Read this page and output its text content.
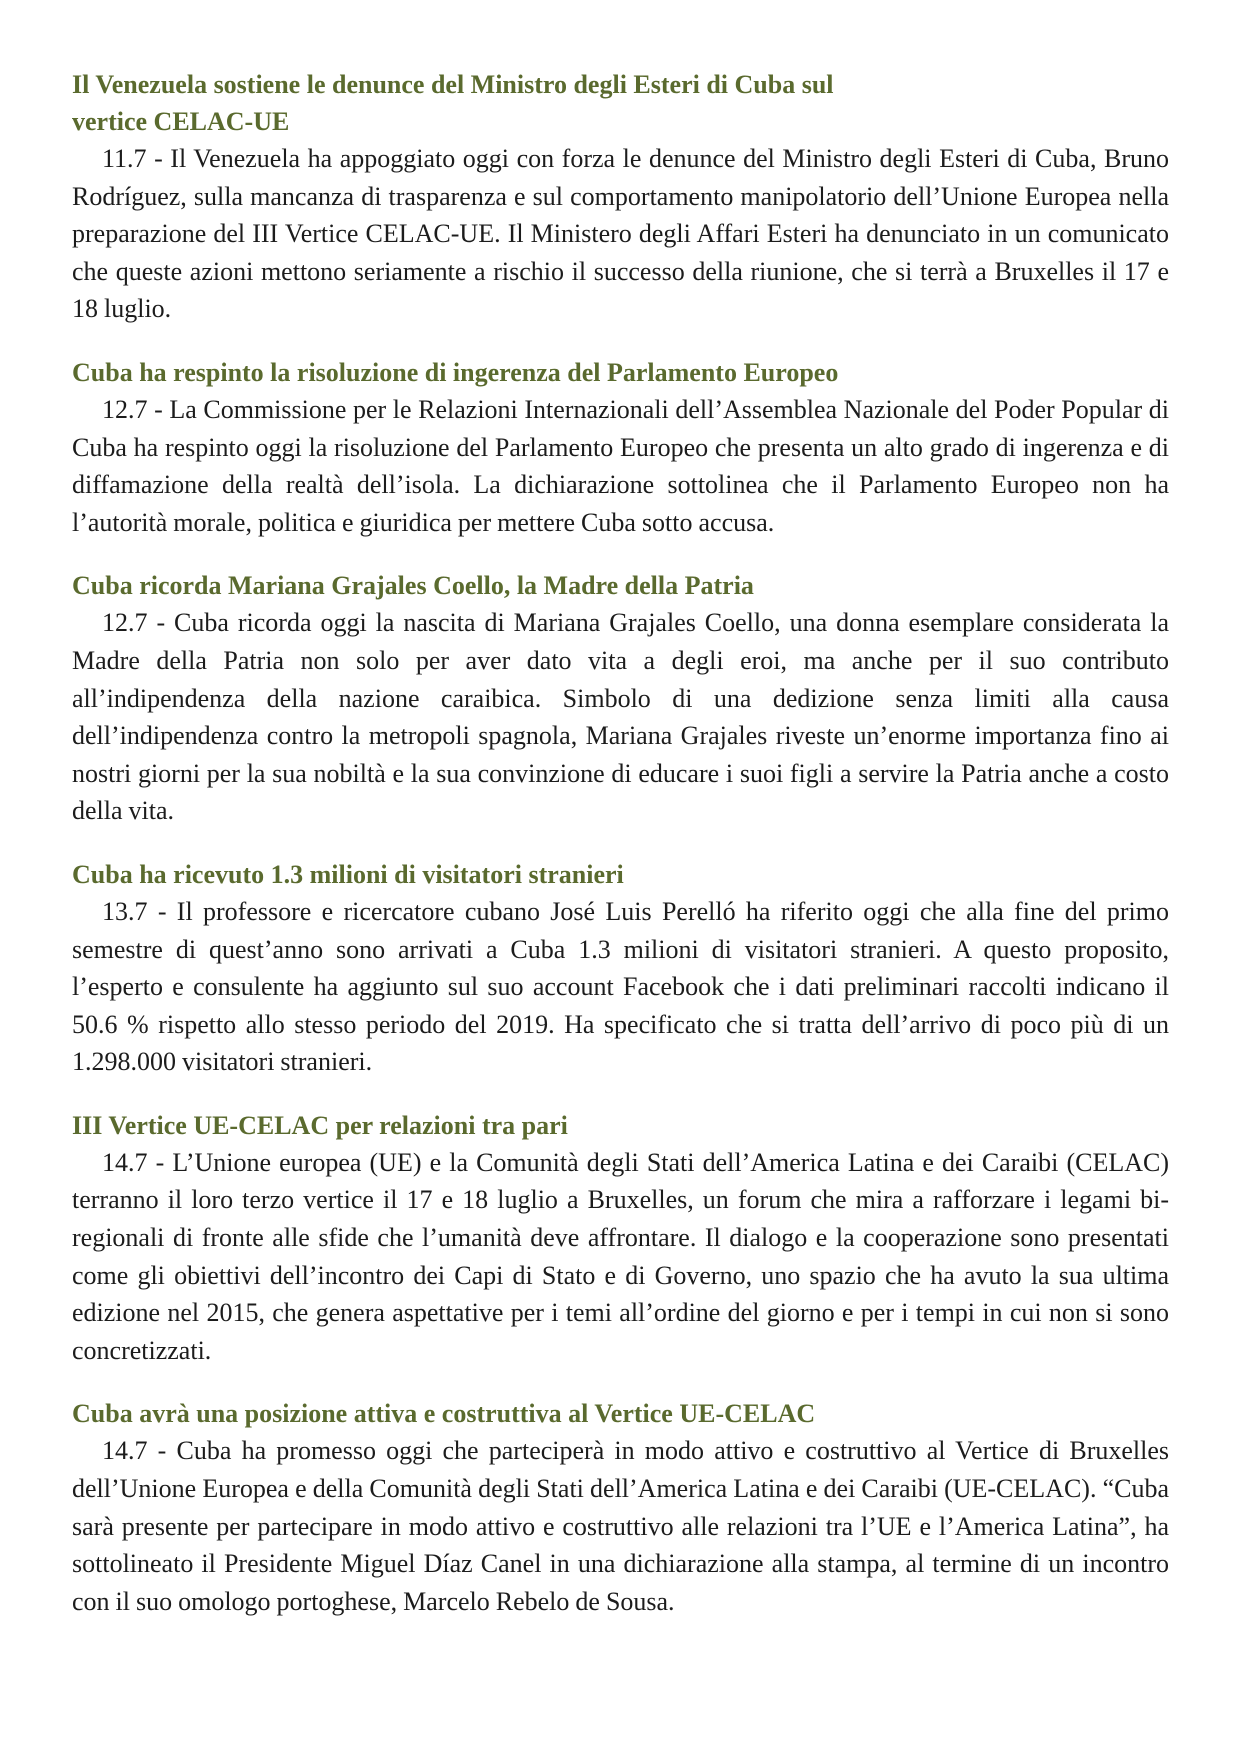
Il Venezuela sostiene le denunce del Ministro degli Esteri di Cuba sul vertice CELAC-UE

11.7 - Il Venezuela ha appoggiato oggi con forza le denunce del Ministro degli Esteri di Cuba, Bruno Rodríguez, sulla mancanza di trasparenza e sul comportamento manipolatorio dell’Unione Europea nella preparazione del III Vertice CELAC-UE. Il Ministero degli Affari Esteri ha denunciato in un comunicato che queste azioni mettono seriamente a rischio il successo della riunione, che si terrà a Bruxelles il 17 e 18 luglio.

Cuba ha respinto la risoluzione di ingerenza del Parlamento Europeo

12.7 - La Commissione per le Relazioni Internazionali dell’Assemblea Nazionale del Poder Popular di Cuba ha respinto oggi la risoluzione del Parlamento Europeo che presenta un alto grado di ingerenza e di diffamazione della realtà dell’isola. La dichiarazione sottolinea che il Parlamento Europeo non ha l’autorità morale, politica e giuridica per mettere Cuba sotto accusa.

Cuba ricorda Mariana Grajales Coello, la Madre della Patria

12.7 - Cuba ricorda oggi la nascita di Mariana Grajales Coello, una donna esemplare considerata la Madre della Patria non solo per aver dato vita a degli eroi, ma anche per il suo contributo all’indipendenza della nazione caraibica. Simbolo di una dedizione senza limiti alla causa dell’indipendenza contro la metropoli spagnola, Mariana Grajales riveste un’enorme importanza fino ai nostri giorni per la sua nobiltà e la sua convinzione di educare i suoi figli a servire la Patria anche a costo della vita.

Cuba ha ricevuto 1.3 milioni di visitatori stranieri

13.7 - Il professore e ricercatore cubano José Luis Perelló ha riferito oggi che alla fine del primo semestre di quest’anno sono arrivati a Cuba 1.3 milioni di visitatori stranieri. A questo proposito, l’esperto e consulente ha aggiunto sul suo account Facebook che i dati preliminari raccolti indicano il 50.6 % rispetto allo stesso periodo del 2019. Ha specificato che si tratta dell’arrivo di poco più di un 1.298.000 visitatori stranieri.

III Vertice UE-CELAC per relazioni tra pari

14.7 - L’Unione europea (UE) e la Comunità degli Stati dell’America Latina e dei Caraibi (CELAC) terranno il loro terzo vertice il 17 e 18 luglio a Bruxelles, un forum che mira a rafforzare i legami bi-regionali di fronte alle sfide che l’umanità deve affrontare. Il dialogo e la cooperazione sono presentati come gli obiettivi dell’incontro dei Capi di Stato e di Governo, uno spazio che ha avuto la sua ultima edizione nel 2015, che genera aspettative per i temi all’ordine del giorno e per i tempi in cui non si sono concretizzati.

Cuba avrà una posizione attiva e costruttiva al Vertice UE-CELAC

14.7 - Cuba ha promesso oggi che parteciperà in modo attivo e costruttivo al Vertice di Bruxelles dell’Unione Europea e della Comunità degli Stati dell’America Latina e dei Caraibi (UE-CELAC). “Cuba sarà presente per partecipare in modo attivo e costruttivo alle relazioni tra l’UE e l’America Latina”, ha sottolineato il Presidente Miguel Díaz Canel in una dichiarazione alla stampa, al termine di un incontro con il suo omologo portoghese, Marcelo Rebelo de Sousa.
